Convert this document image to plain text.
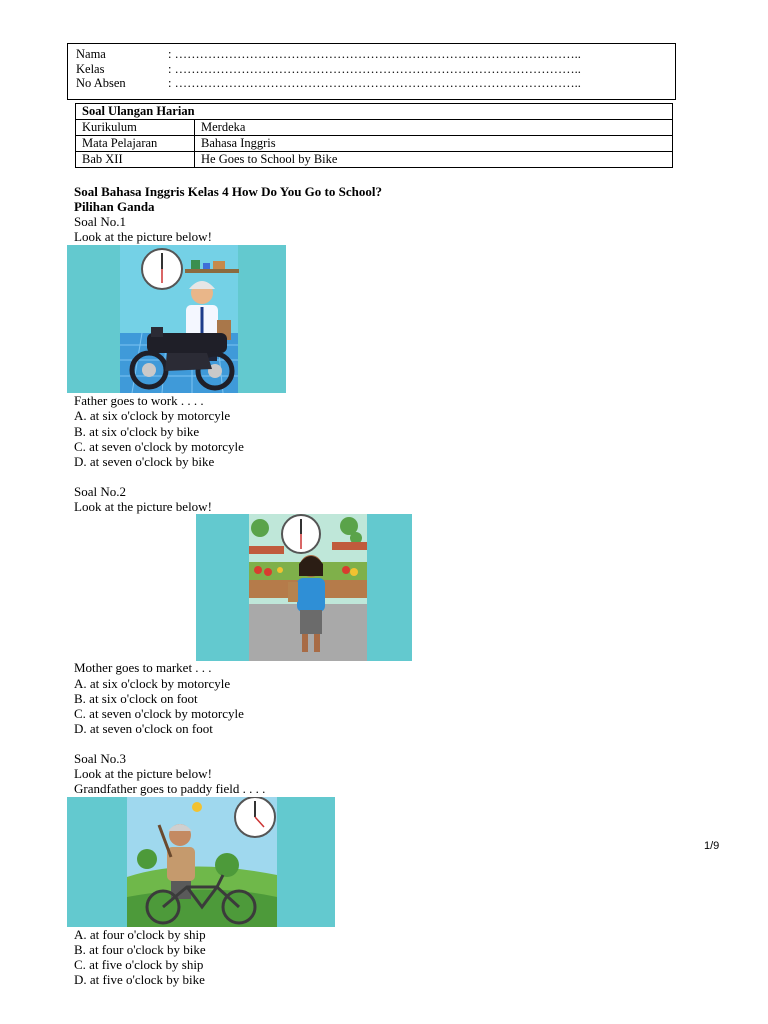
Nama	: ……………………………………………………………………………………..
Kelas	: ……………………………………………………………………………………..
No Absen	: ……………………………………………………………………………………..
Soal Ulangan Harian	
Kurikulum	Merdeka
Mata Pelajaran	Bahasa Inggris
Bab XII	He Goes to School by Bike
Soal Bahasa Inggris Kelas 4 How Do You Go to School?
Pilihan Ganda
Soal No.1
Look at the picture below!
Father goes to work . . . .
A. at six o'clock by motorcyle
B. at six o'clock by bike
C. at seven o'clock by motorcyle
D. at seven o'clock by bike
Soal No.2
Look at the picture below!
Mother goes to market . . .
A. at six o'clock by motorcyle
B. at six o'clock on foot
C. at seven o'clock by motorcyle
D. at seven o'clock on foot
Soal No.3
Look at the picture below!
Grandfather goes to paddy field . . . .
A. at four o'clock by ship
B. at four o'clock by bike
C. at five o'clock by ship
D. at five o'clock by bike
1/9
